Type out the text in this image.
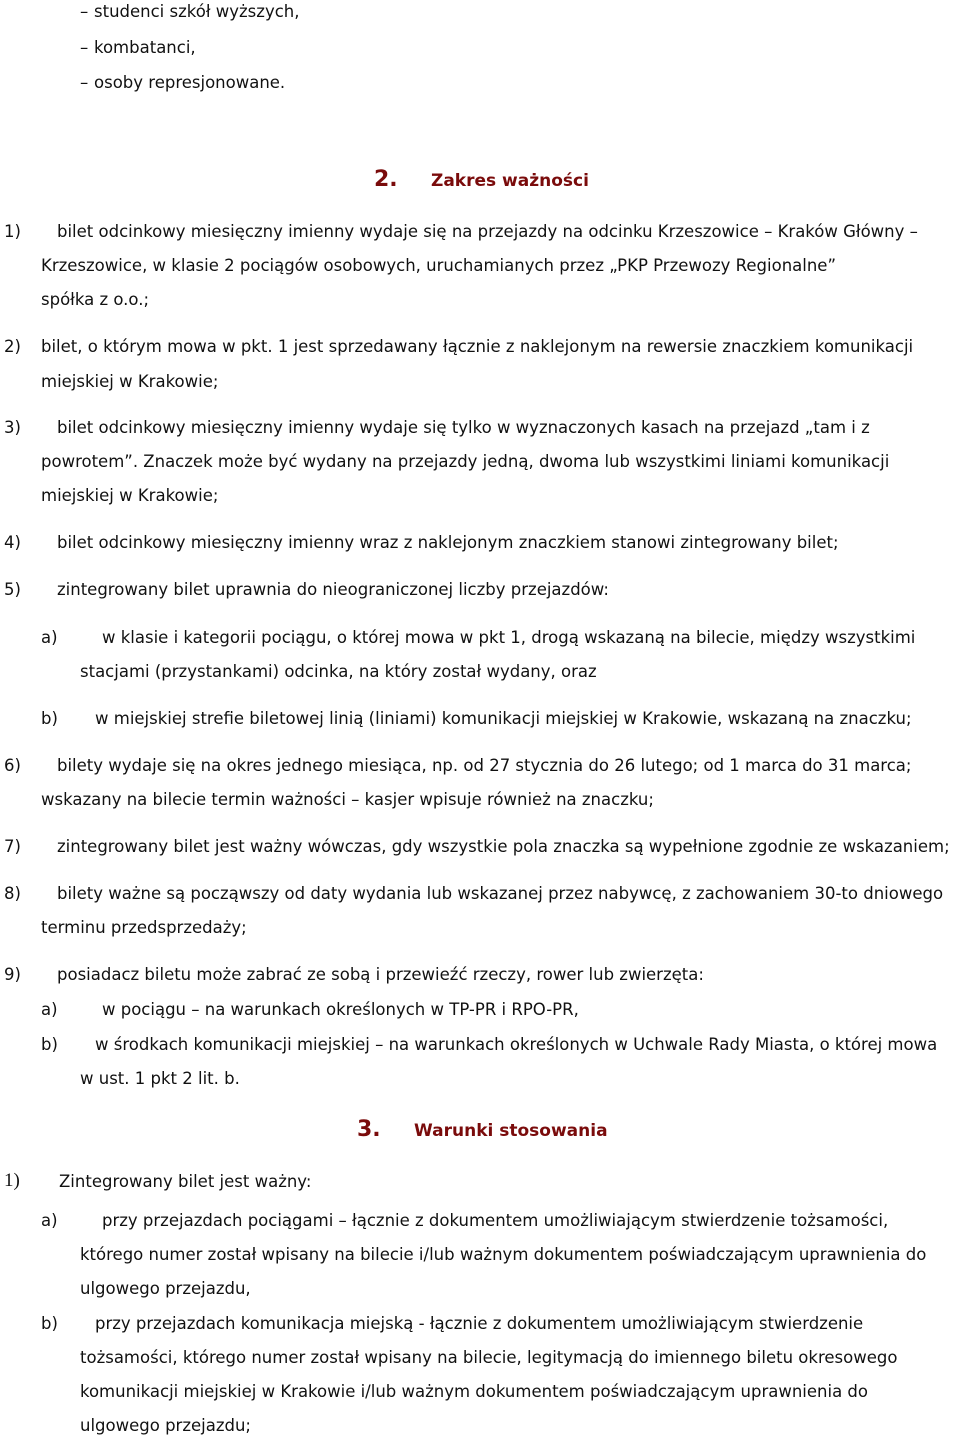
– studenci szkół wyższych,
– kombatanci,
– osoby represjonowane.
2. Zakres ważności
1) bilet odcinkowy miesięczny imienny wydaje się na przejazdy na odcinku Krzeszowice – Kraków Główny –
Krzeszowice, w klasie 2 pociągów osobowych, uruchamianych przez „PKP Przewozy Regionalne”
spółka z o.o.;
2) bilet, o którym mowa w pkt. 1 jest sprzedawany łącznie z naklejonym na rewersie znaczkiem komunikacji
miejskiej w Krakowie;
3) bilet odcinkowy miesięczny imienny wydaje się tylko w wyznaczonych kasach na przejazd „tam i z
powrotem”. Znaczek może być wydany na przejazdy jedną, dwoma lub wszystkimi liniami komunikacji
miejskiej w Krakowie;
4) bilet odcinkowy miesięczny imienny wraz z naklejonym znaczkiem stanowi zintegrowany bilet;
5) zintegrowany bilet uprawnia do nieograniczonej liczby przejazdów:
a)	w klasie i kategorii pociągu, o której mowa w pkt 1, drogą wskazaną na bilecie, między wszystkimi
stacjami (przystankami) odcinka, na który został wydany, oraz
b) w miejskiej strefie biletowej linią (liniami) komunikacji miejskiej w Krakowie, wskazaną na znaczku;
6) bilety wydaje się na okres jednego miesiąca, np. od 27 stycznia do 26 lutego; od 1 marca do 31 marca;
wskazany na bilecie termin ważności – kasjer wpisuje również na znaczku;
7) zintegrowany bilet jest ważny wówczas, gdy wszystkie pola znaczka są wypełnione zgodnie ze wskazaniem;
8) bilety ważne są począwszy od daty wydania lub wskazanej przez nabywcę, z zachowaniem 30-to dniowego
terminu przedsprzedaży;
9) posiadacz biletu może zabrać ze sobą i przewieźć rzeczy, rower lub zwierzęta:
a)	w pociągu – na warunkach określonych w TP-PR i RPO-PR,
b) w środkach komunikacji miejskiej – na warunkach określonych w Uchwale Rady Miasta, o której mowa
w ust. 1 pkt 2 lit. b.
3. Warunki stosowania
1) Zintegrowany bilet jest ważny:
a)	przy przejazdach pociągami – łącznie z dokumentem umożliwiającym stwierdzenie tożsamości,
którego numer został wpisany na bilecie i/lub ważnym dokumentem poświadczającym uprawnienia do
ulgowego przejazdu,
b) przy przejazdach komunikacja miejską - łącznie z dokumentem umożliwiającym stwierdzenie
tożsamości, którego numer został wpisany na bilecie, legitymacją do imiennego biletu okresowego
komunikacji miejskiej w Krakowie i/lub ważnym dokumentem poświadczającym uprawnienia do
ulgowego przejazdu;
